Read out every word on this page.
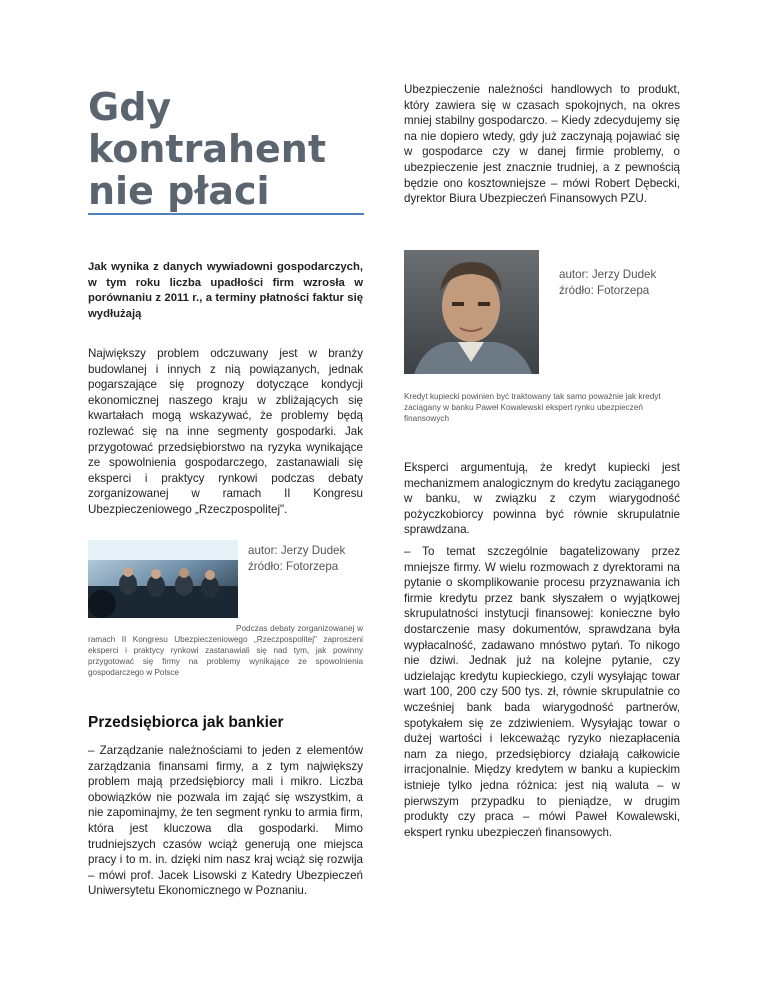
Gdy kontrahent nie płaci

Jak wynika z danych wywiadowni gospodarczych, w tym roku liczba upadłości firm wzrosła w porównaniu z 2011 r., a terminy płatności faktur się wydłużają

Największy problem odczuwany jest w branży budowlanej i innych z nią powiązanych, jednak pogarszające się prognozy dotyczące kondycji ekonomicznej naszego kraju w zbliżających się kwartałach mogą wskazywać, że problemy będą rozlewać się na inne segmenty gospodarki. Jak przygotować przedsiębiorstwo na ryzyka wynikające ze spowolnienia gospodarczego, zastanawiali się eksperci i praktycy rynkowi podczas debaty zorganizowanej w ramach II Kongresu Ubezpieczeniowego „Rzeczpospolitej".

autor: Jerzy Dudek
źródło: Fotorzepa
Podczas debaty zorganizowanej w ramach II Kongresu Ubezpieczeniowego „Rzeczpospolitej" zaproszeni eksperci i praktycy rynkowi zastanawiali się nad tym, jak powinny przygotować się firmy na problemy wynikające ze spowolnienia gospodarczego w Polsce
Przedsiębiorca jak bankier

– Zarządzanie należnościami to jeden z elementów zarządzania finansami firmy, a z tym największy problem mają przedsiębiorcy mali i mikro. Liczba obowiązków nie pozwala im zająć się wszystkim, a nie zapominajmy, że ten segment rynku to armia firm, która jest kluczowa dla gospodarki. Mimo trudniejszych czasów wciąż generują one miejsca pracy i to m. in. dzięki nim nasz kraj wciąż się rozwija – mówi prof. Jacek Lisowski z Katedry Ubezpieczeń Uniwersytetu Ekonomicznego w Poznaniu.

Ubezpieczenie należności handlowych to produkt, który zawiera się w czasach spokojnych, na okres mniej stabilny gospodarczo. – Kiedy zdecydujemy się na nie dopiero wtedy, gdy już zaczynają pojawiać się w gospodarce czy w danej firmie problemy, o ubezpieczenie jest znacznie trudniej, a z pewnością będzie ono kosztowniejsze – mówi Robert Dębecki, dyrektor Biura Ubezpieczeń Finansowych PZU.

autor: Jerzy Dudek
źródło: Fotorzepa
Kredyt kupiecki powinien być traktowany tak samo poważnie jak kredyt zaciągany w banku Paweł Kowalewski ekspert rynku ubezpieczeń finansowych

Eksperci argumentują, że kredyt kupiecki jest mechanizmem analogicznym do kredytu zaciąganego w banku, w związku z czym wiarygodność pożyczkobiorcy powinna być równie skrupulatnie sprawdzana.

– To temat szczególnie bagatelizowany przez mniejsze firmy. W wielu rozmowach z dyrektorami na pytanie o skomplikowanie procesu przyznawania ich firmie kredytu przez bank słyszałem o wyjątkowej skrupulatności instytucji finansowej: konieczne było dostarczenie masy dokumentów, sprawdzana była wypłacalność, zadawano mnóstwo pytań. To nikogo nie dziwi. Jednak już na kolejne pytanie, czy udzielając kredytu kupieckiego, czyli wysyłając towar wart 100, 200 czy 500 tys. zł, równie skrupulatnie co wcześniej bank bada wiarygodność partnerów, spotykałem się ze zdziwieniem. Wysyłając towar o dużej wartości i lekceważąc ryzyko niezapłacenia nam za niego, przedsiębiorcy działają całkowicie irracjonalnie. Między kredytem w banku a kupieckim istnieje tylko jedna różnica: jest nią waluta – w pierwszym przypadku to pieniądze, w drugim produkty czy praca – mówi Paweł Kowalewski, ekspert rynku ubezpieczeń finansowych.
